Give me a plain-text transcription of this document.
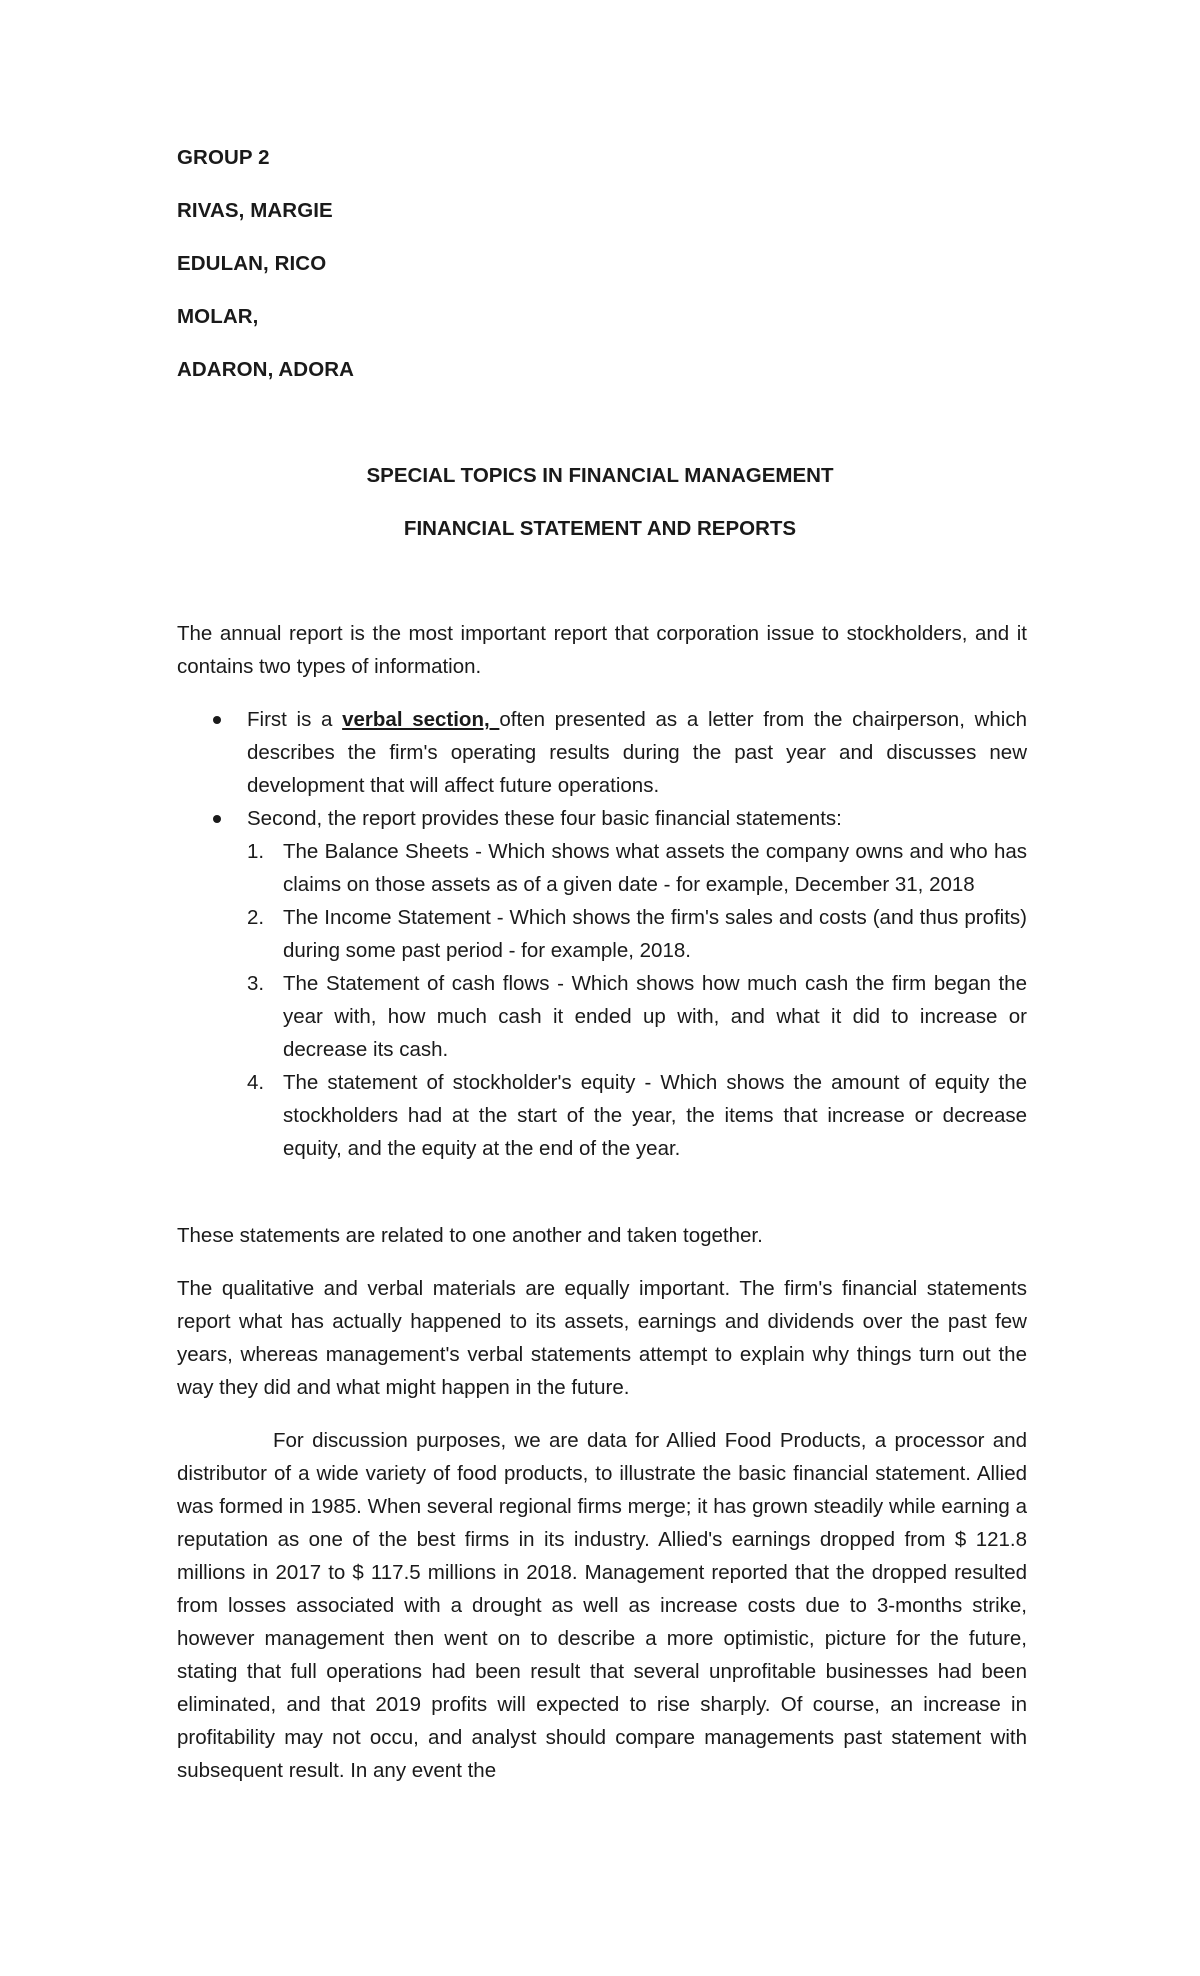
GROUP 2
RIVAS, MARGIE
EDULAN, RICO
MOLAR,
ADARON, ADORA
SPECIAL TOPICS IN FINANCIAL MANAGEMENT
FINANCIAL STATEMENT AND REPORTS

The annual report is the most important report that corporation issue to stockholders, and it contains two types of information.

First is a verbal section, often presented as a letter from the chairperson, which describes the firm's operating results during the past year and discusses new development that will affect future operations.
Second, the report provides these four basic financial statements:
1. The Balance Sheets - Which shows what assets the company owns and who has claims on those assets as of a given date - for example, December 31, 2018
2. The Income Statement - Which shows the firm's sales and costs (and thus profits) during some past period - for example, 2018.
3. The Statement of cash flows - Which shows how much cash the firm began the year with, how much cash it ended up with, and what it did to increase or decrease its cash.
4. The statement of stockholder's equity - Which shows the amount of equity the stockholders had at the start of the year, the items that increase or decrease equity, and the equity at the end of the year.

These statements are related to one another and taken together.

The qualitative and verbal materials are equally important. The firm's financial statements report what has actually happened to its assets, earnings and dividends over the past few years, whereas management's verbal statements attempt to explain why things turn out the way they did and what might happen in the future.

For discussion purposes, we are data for Allied Food Products, a processor and distributor of a wide variety of food products, to illustrate the basic financial statement. Allied was formed in 1985. When several regional firms merge; it has grown steadily while earning a reputation as one of the best firms in its industry. Allied's earnings dropped from $ 121.8 millions in 2017 to $ 117.5 millions in 2018. Management reported that the dropped resulted from losses associated with a drought as well as increase costs due to 3-months strike, however management then went on to describe a more optimistic, picture for the future, stating that full operations had been result that several unprofitable businesses had been eliminated, and that 2019 profits will expected to rise sharply. Of course, an increase in profitability may not occu, and analyst should compare managements past statement with subsequent result. In any event the
